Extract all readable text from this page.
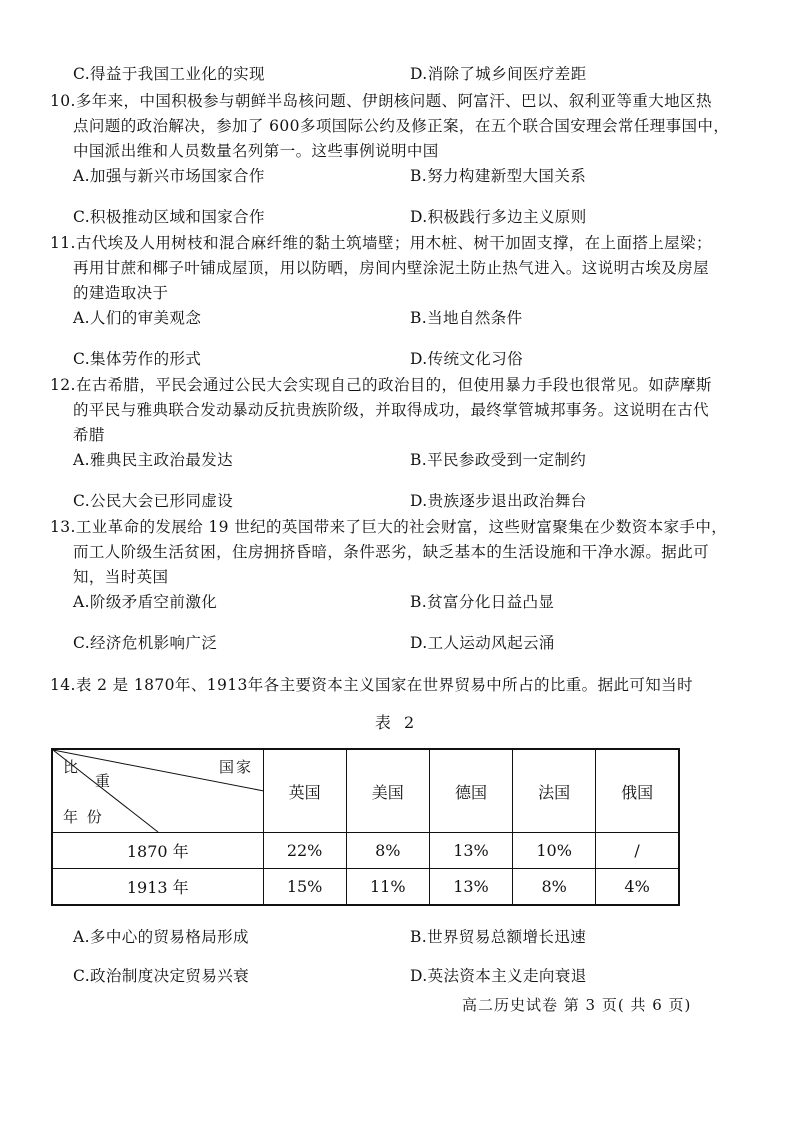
C.得益于我国工业化的实现	D.消除了城乡间医疗差距
10.多年来，中国积极参与朝鲜半岛核问题、伊朗核问题、阿富汗、巴以、叙利亚等重大地区热
点问题的政治解决，参加了 600多项国际公约及修正案，在五个联合国安理会常任理事国中，
中国派出维和人员数量名列第一。这些事例说明中国
A.加强与新兴市场国家合作	B.努力构建新型大国关系
C.积极推动区域和国家合作	D.积极践行多边主义原则
11.古代埃及人用树枝和混合麻纤维的黏土筑墙壁；用木桩、树干加固支撑，在上面搭上屋梁；
再用甘蔗和椰子叶铺成屋顶，用以防晒，房间内壁涂泥土防止热气进入。这说明古埃及房屋
的建造取决于
A.人们的审美观念	B.当地自然条件
C.集体劳作的形式	D.传统文化习俗
12.在古希腊，平民会通过公民大会实现自己的政治目的，但使用暴力手段也很常见。如萨摩斯
的平民与雅典联合发动暴动反抗贵族阶级，并取得成功，最终掌管城邦事务。这说明在古代
希腊
A.雅典民主政治最发达	B.平民参政受到一定制约
C.公民大会已形同虚设	D.贵族逐步退出政治舞台
13.工业革命的发展给 19 世纪的英国带来了巨大的社会财富，这些财富聚集在少数资本家手中，
而工人阶级生活贫困，住房拥挤昏暗，条件恶劣，缺乏基本的生活设施和干净水源。据此可
知，当时英国
A.阶级矛盾空前激化	B.贫富分化日益凸显
C.经济危机影响广泛	D.工人运动风起云涌
14.表 2 是 1870年、1913年各主要资本主义国家在世界贸易中所占的比重。据此可知当时
表 2
比
重
国家
年 份	英国	美国	德国	法国	俄国
1870 年	22%	8%	13%	10%	/
1913 年	15%	11%	13%	8%	4%
A.多中心的贸易格局形成	B.世界贸易总额增长迅速
C.政治制度决定贸易兴衰	D.英法资本主义走向衰退
高二历史试卷 第 3 页( 共 6 页)
